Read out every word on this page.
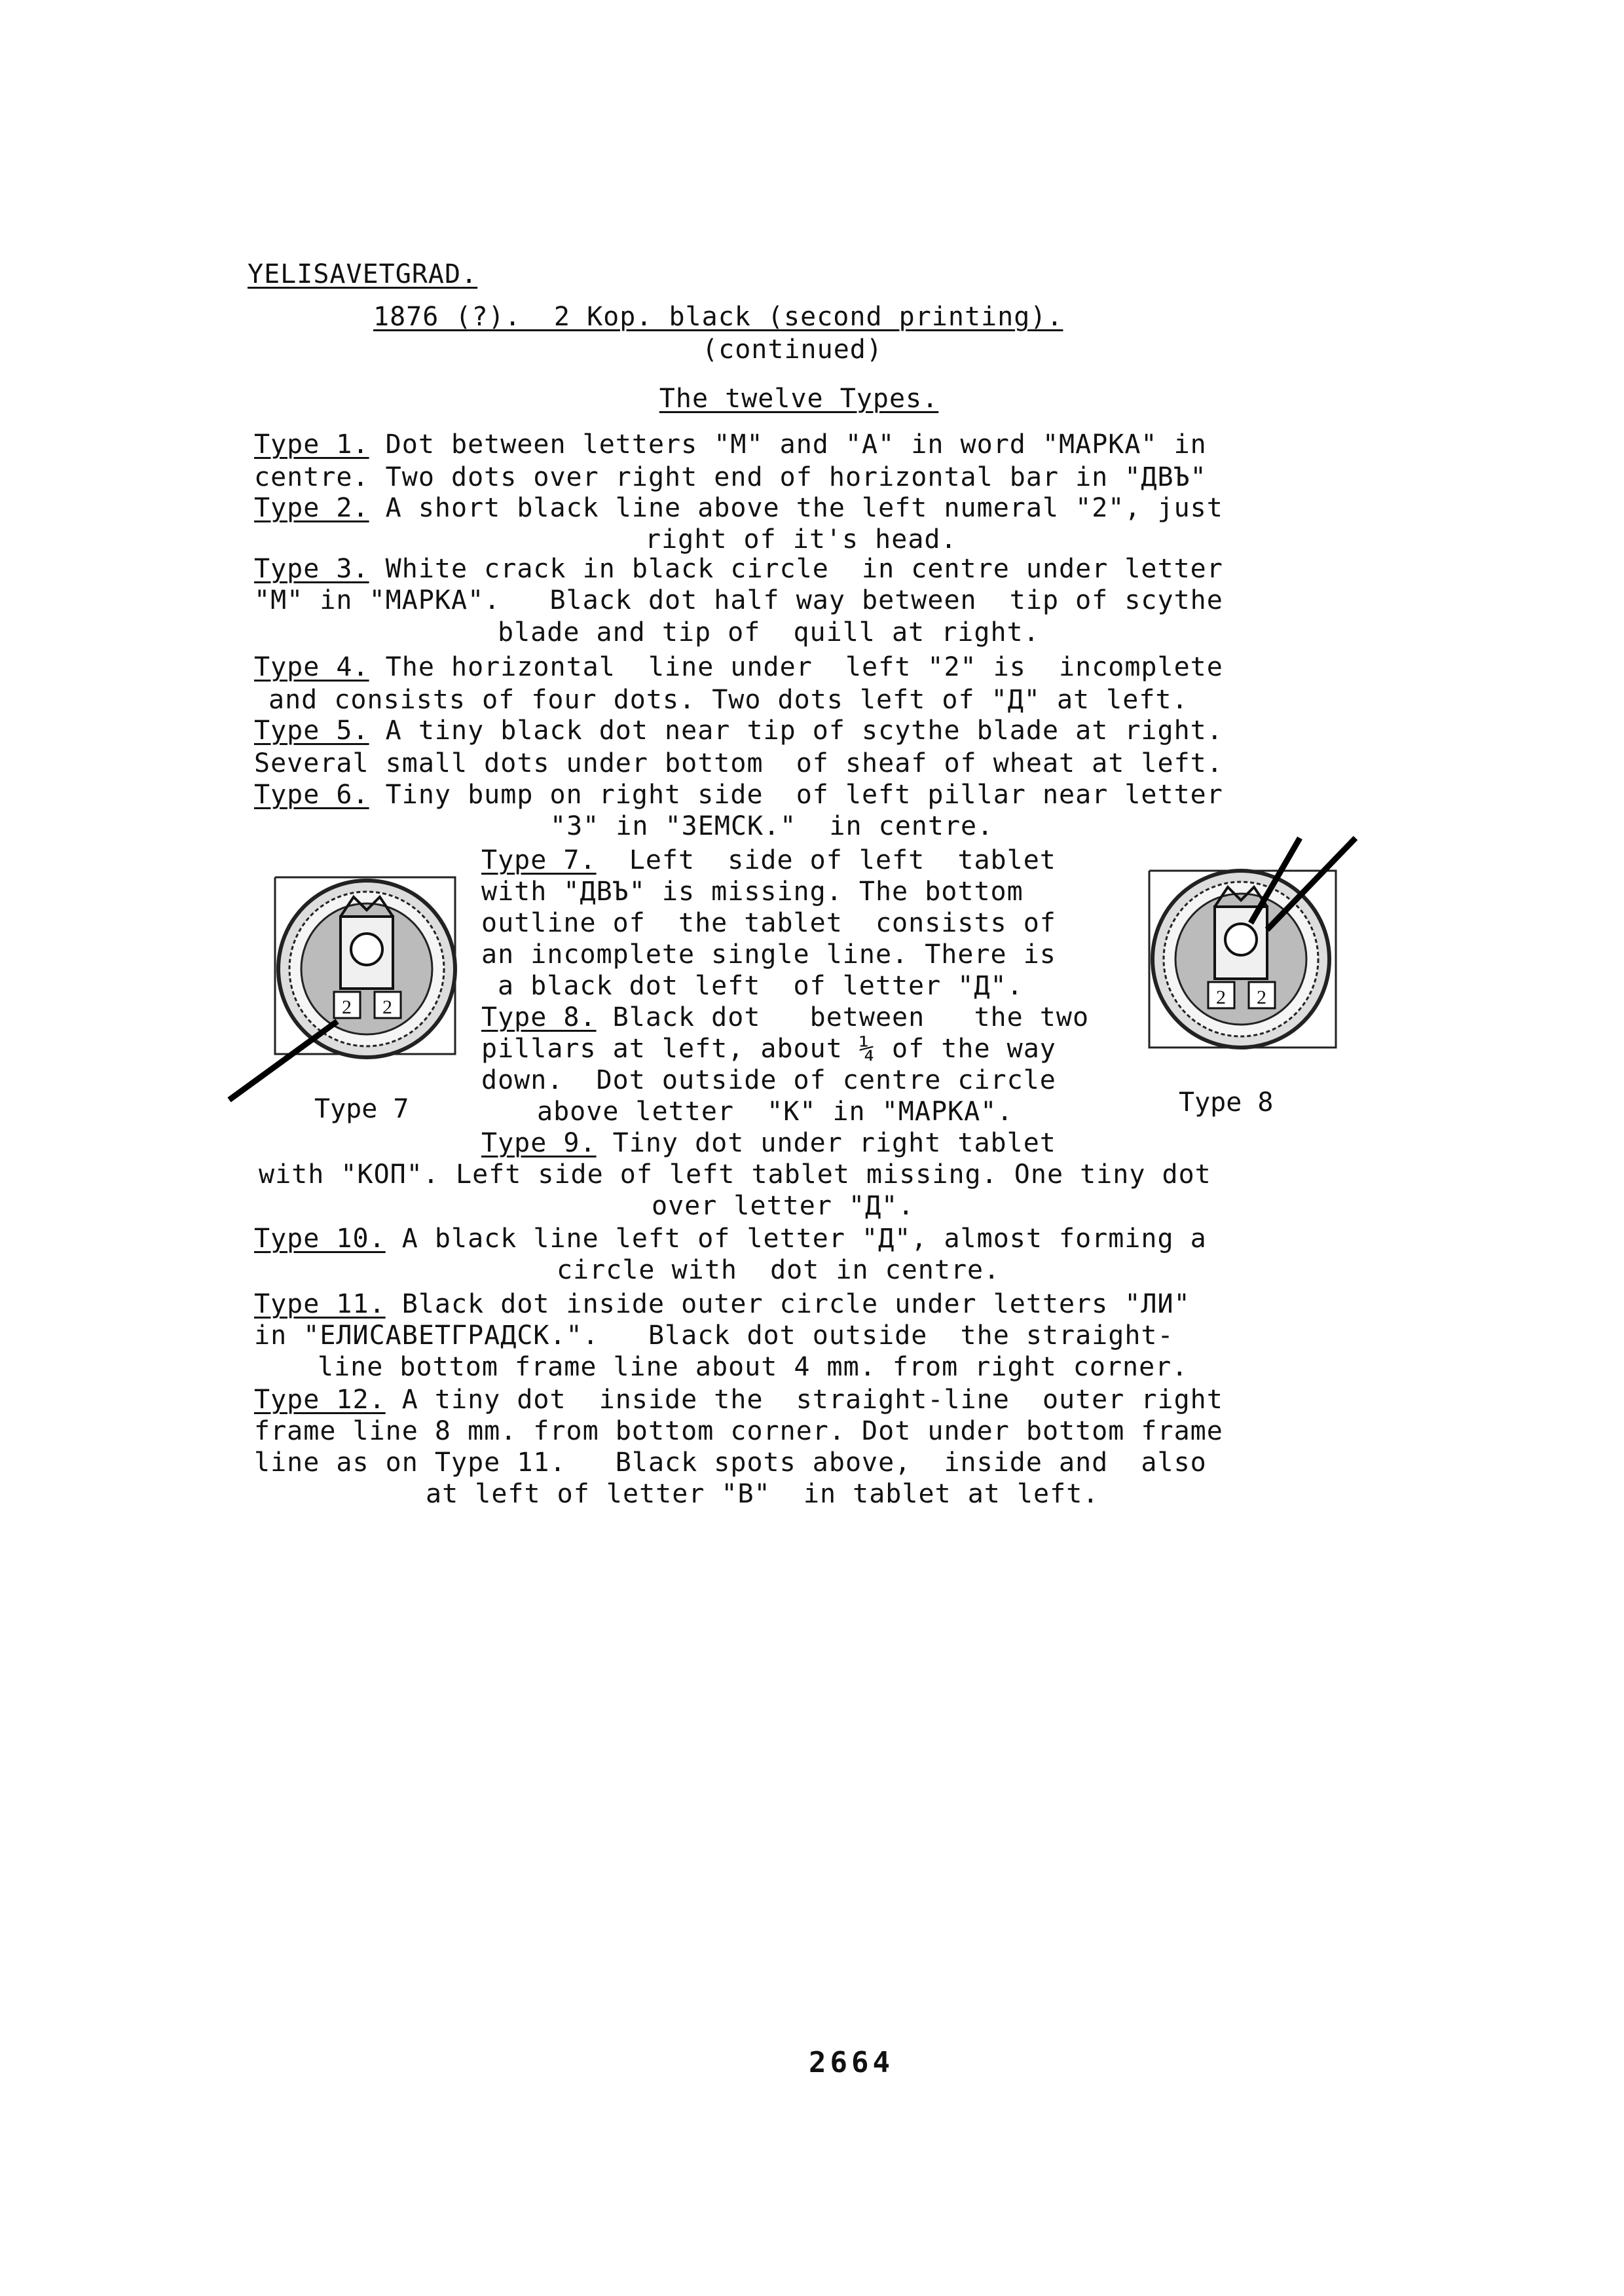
YELISAVETGRAD.
1876 (?).  2 Kop. black (second printing).
(continued)
The twelve Types.
Type 1. Dot between letters "M" and "A" in word "MAPKA" in
centre. Two dots over right end of horizontal bar in "ДВЪ"
Type 2. A short black line above the left numeral "2", just
right of it's head.
Type 3. White crack in black circle  in centre under letter
"M" in "MAPKA".   Black dot half way between  tip of scythe
blade and tip of  quill at right.
Type 4. The horizontal  line under  left "2" is  incomplete
and consists of four dots. Two dots left of "Д" at left.
Type 5. A tiny black dot near tip of scythe blade at right.
Several small dots under bottom  of sheaf of wheat at left.
Type 6. Tiny bump on right side  of left pillar near letter
"3" in "3EMCK."  in centre.
Type 7.  Left  side of left  tablet
with "ДВЪ" is missing. The bottom
outline of  the tablet  consists of
an incomplete single line. There is
a black dot left  of letter "Д".
Type 8. Black dot   between   the two
pillars at left, about ¼ of the way
down.  Dot outside of centre circle
above letter  "K" in "MAPKA".
Type 9. Tiny dot under right tablet
with "KOП". Left side of left tablet missing. One tiny dot
over letter "Д".
Type 10. A black line left of letter "Д", almost forming a
circle with  dot in centre.
Type 11. Black dot inside outer circle under letters "ЛИ"
in "ЕЛИСАВЕТГРАДСК.".   Black dot outside  the straight-
line bottom frame line about 4 mm. from right corner.
Type 12. A tiny dot  inside the  straight-line  outer right
frame line 8 mm. from bottom corner. Dot under bottom frame
line as on Type 11.   Black spots above,  inside and  also
at left of letter "B"  in tablet at left.
2 2
Type 7
2 2
Type 8
2664
